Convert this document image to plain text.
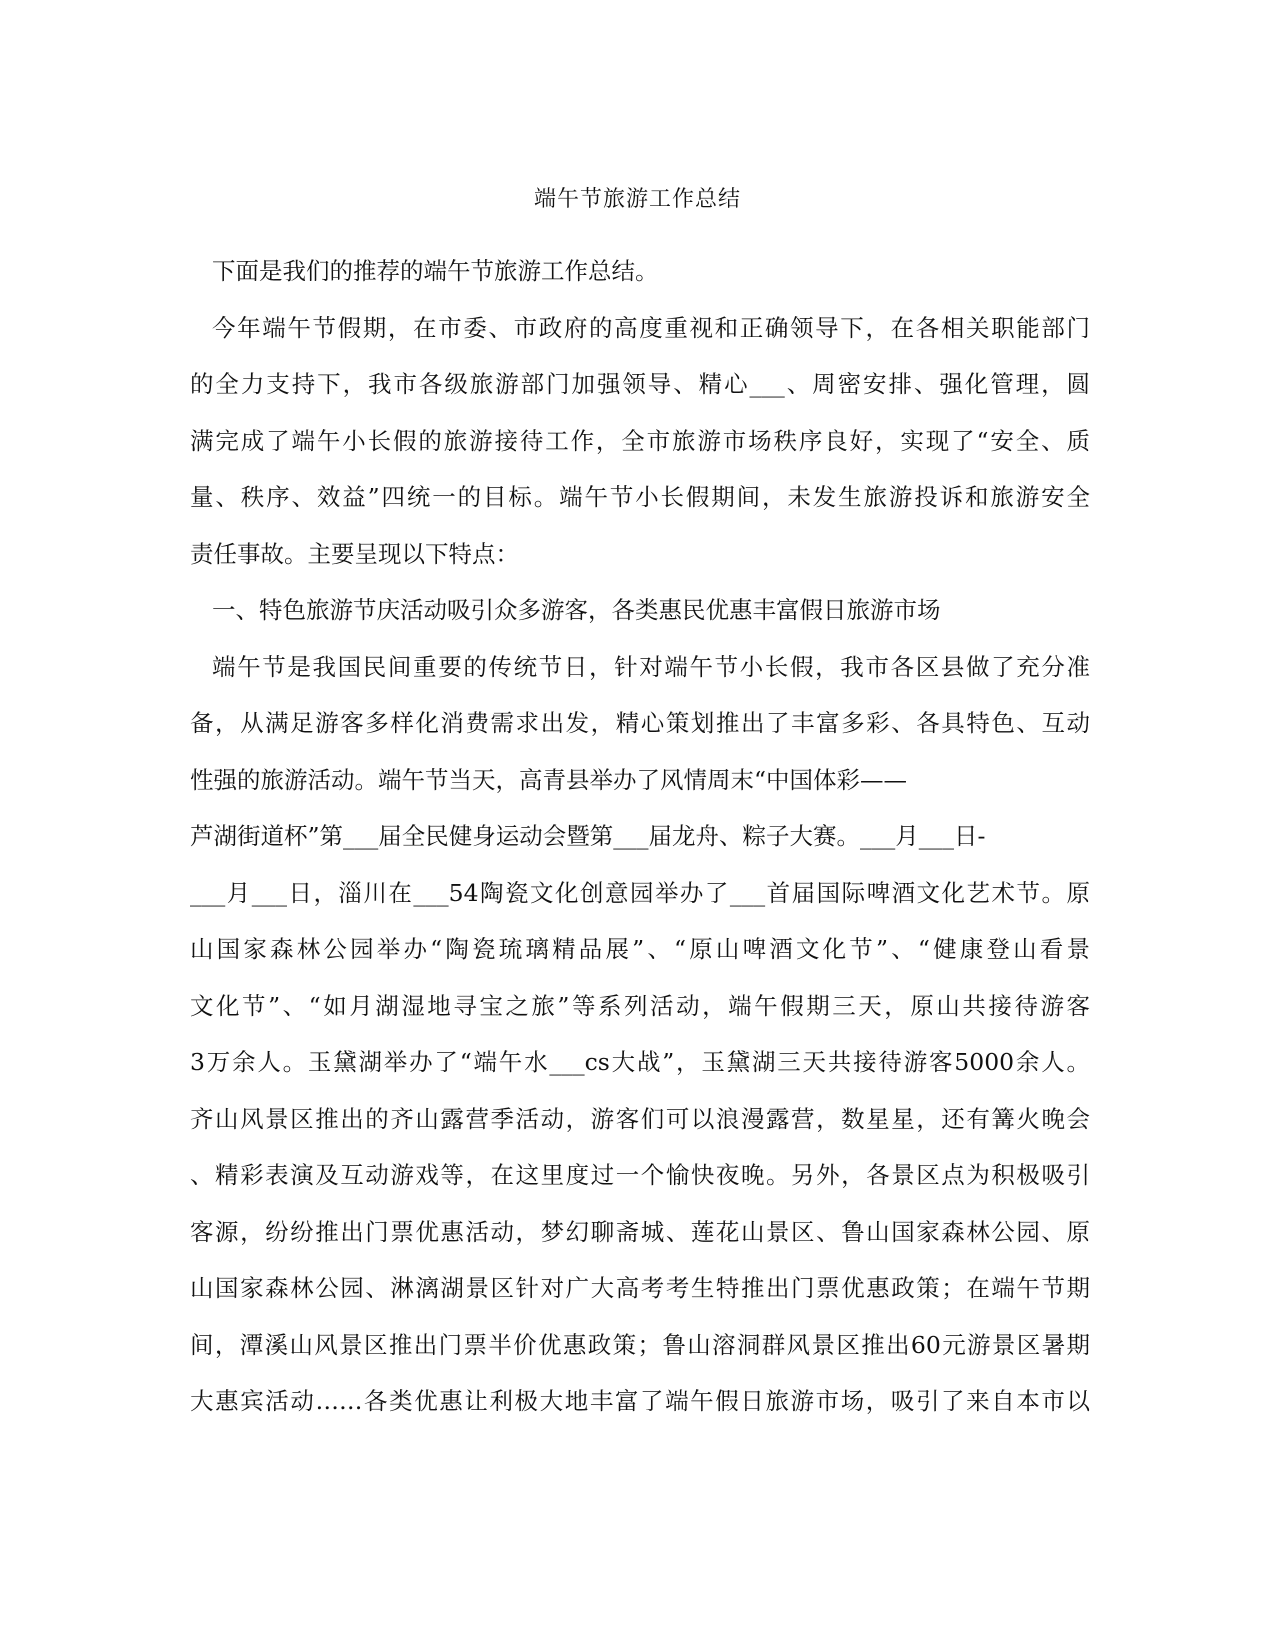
端午节旅游工作总结
下面是我们的推荐的端午节旅游工作总结。
今年端午节假期，在市委、市政府的高度重视和正确领导下，在各相关职能部门
的全力支持下，我市各级旅游部门加强领导、精心___、周密安排、强化管理，圆
满完成了端午小长假的旅游接待工作，全市旅游市场秩序良好，实现了“安全、质
量、秩序、效益”四统一的目标。端午节小长假期间，未发生旅游投诉和旅游安全
责任事故。主要呈现以下特点：
一、特色旅游节庆活动吸引众多游客，各类惠民优惠丰富假日旅游市场
端午节是我国民间重要的传统节日，针对端午节小长假，我市各区县做了充分准
备，从满足游客多样化消费需求出发，精心策划推出了丰富多彩、各具特色、互动
性强的旅游活动。端午节当天，高青县举办了风情周末“中国体彩——
芦湖街道杯”第___届全民健身运动会暨第___届龙舟、粽子大赛。___月___日-
___月___日，淄川在___54陶瓷文化创意园举办了___首届国际啤酒文化艺术节。原
山国家森林公园举办“陶瓷琉璃精品展”、“原山啤酒文化节”、“健康登山看景
文化节”、“如月湖湿地寻宝之旅”等系列活动，端午假期三天，原山共接待游客
3万余人。玉黛湖举办了“端午水___cs大战”，玉黛湖三天共接待游客5000余人。
齐山风景区推出的齐山露营季活动，游客们可以浪漫露营，数星星，还有篝火晚会
、精彩表演及互动游戏等，在这里度过一个愉快夜晚。另外，各景区点为积极吸引
客源，纷纷推出门票优惠活动，梦幻聊斋城、莲花山景区、鲁山国家森林公园、原
山国家森林公园、淋漓湖景区针对广大高考考生特推出门票优惠政策；在端午节期
间，潭溪山风景区推出门票半价优惠政策；鲁山溶洞群风景区推出60元游景区暑期
大惠宾活动……各类优惠让利极大地丰富了端午假日旅游市场，吸引了来自本市以
